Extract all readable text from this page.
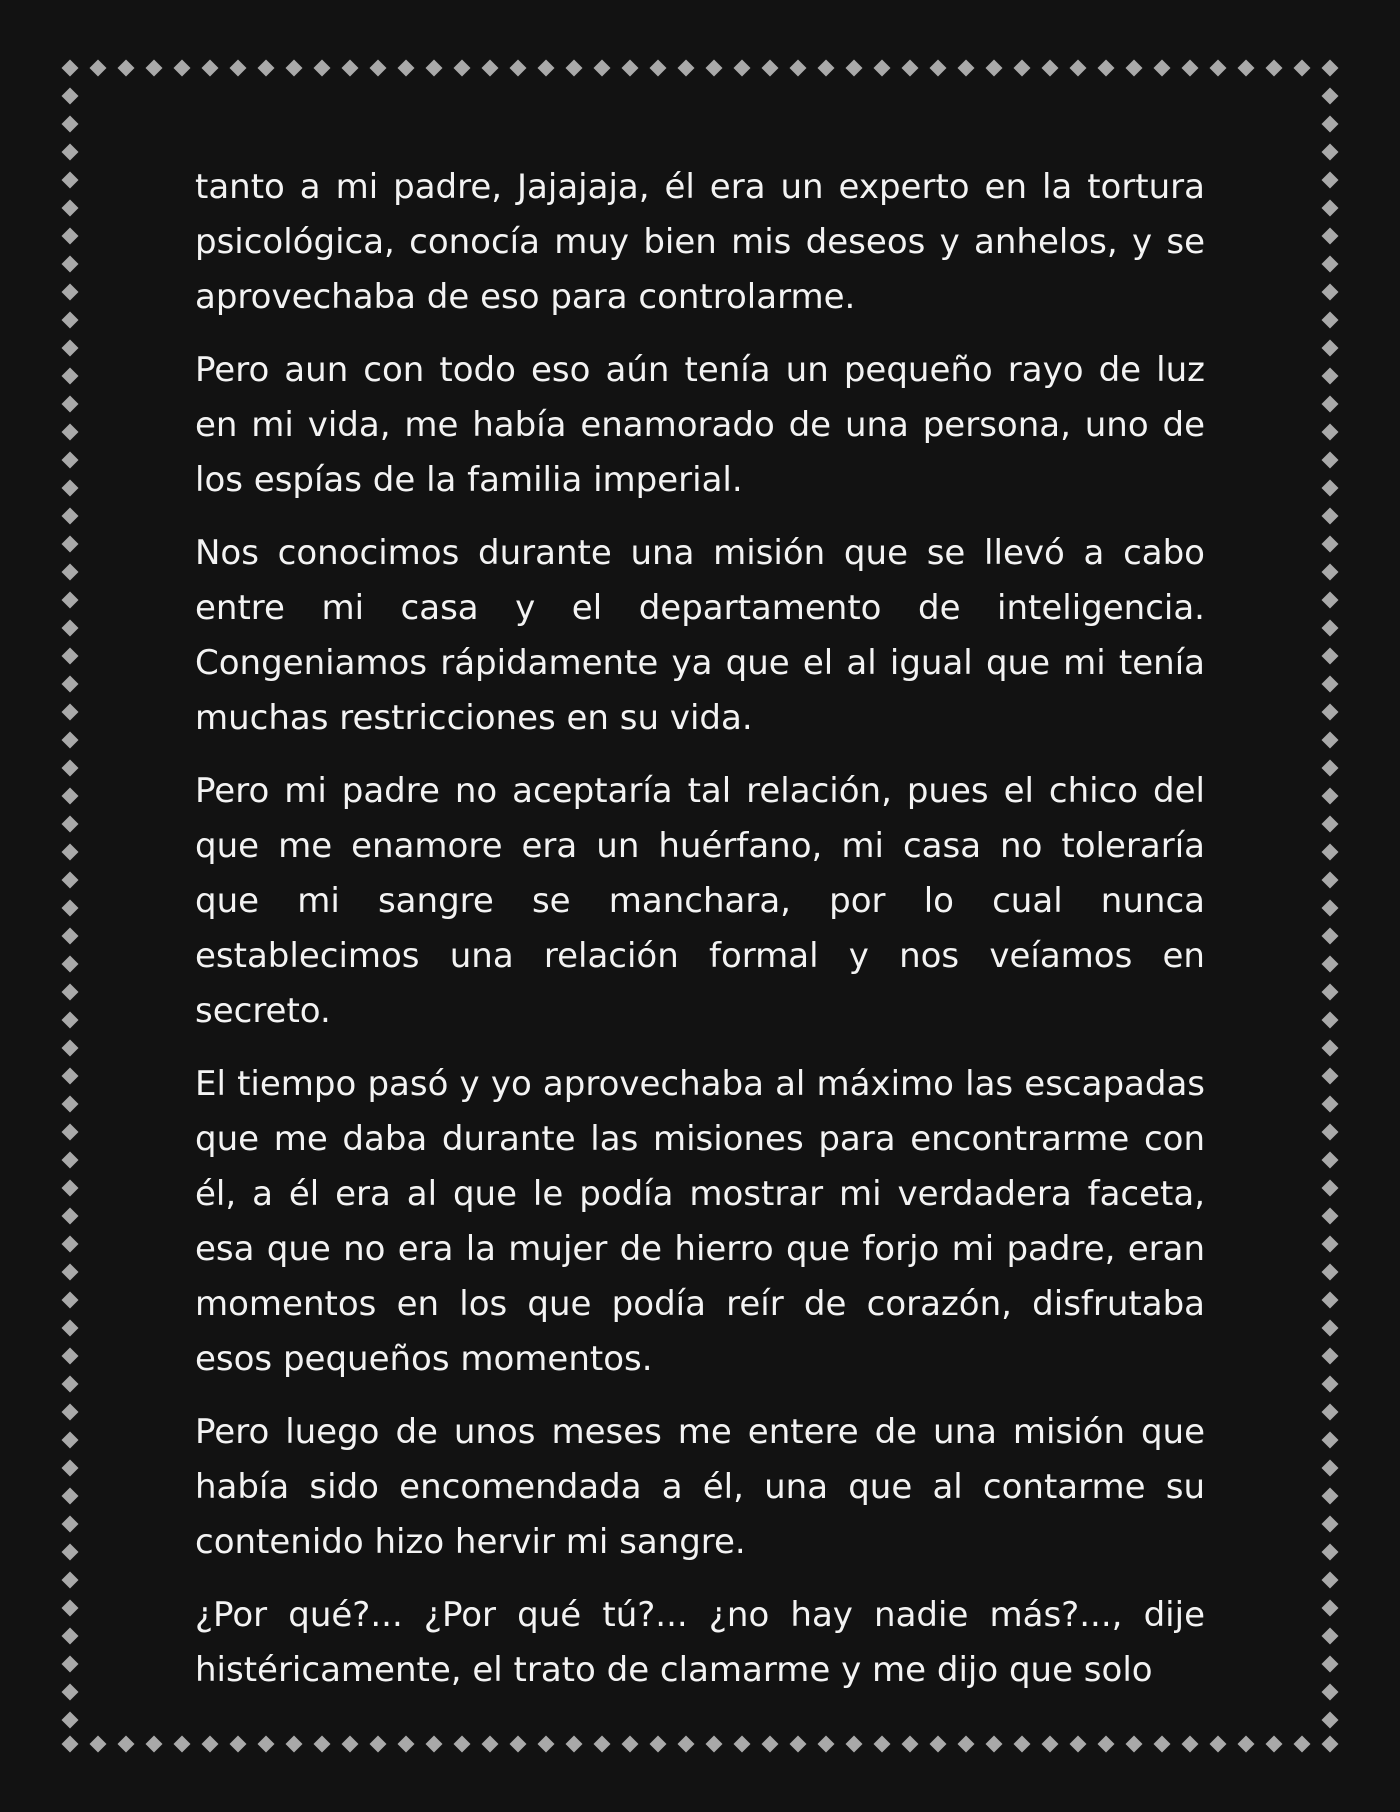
tanto a mi padre, Jajajaja, él era un experto en la tortura psicológica, conocía muy bien mis deseos y anhelos, y se aprovechaba de eso para controlarme.

Pero aun con todo eso aún tenía un pequeño rayo de luz en mi vida, me había enamorado de una persona, uno de los espías de la familia imperial.

Nos conocimos durante una misión que se llevó a cabo entre mi casa y el departamento de inteligencia. Congeniamos rápidamente ya que el al igual que mi tenía muchas restricciones en su vida.

Pero mi padre no aceptaría tal relación, pues el chico del que me enamore era un huérfano, mi casa no toleraría que mi sangre se manchara, por lo cual nunca establecimos una relación formal y nos veíamos en secreto.

El tiempo pasó y yo aprovechaba al máximo las escapadas que me daba durante las misiones para encontrarme con él, a él era al que le podía mostrar mi verdadera faceta, esa que no era la mujer de hierro que forjo mi padre, eran momentos en los que podía reír de corazón, disfrutaba esos pequeños momentos.

Pero luego de unos meses me entere de una misión que había sido encomendada a él, una que al contarme su contenido hizo hervir mi sangre.

¿Por qué?... ¿Por qué tú?... ¿no hay nadie más?..., dije histéricamente, el trato de clamarme y me dijo que solo
